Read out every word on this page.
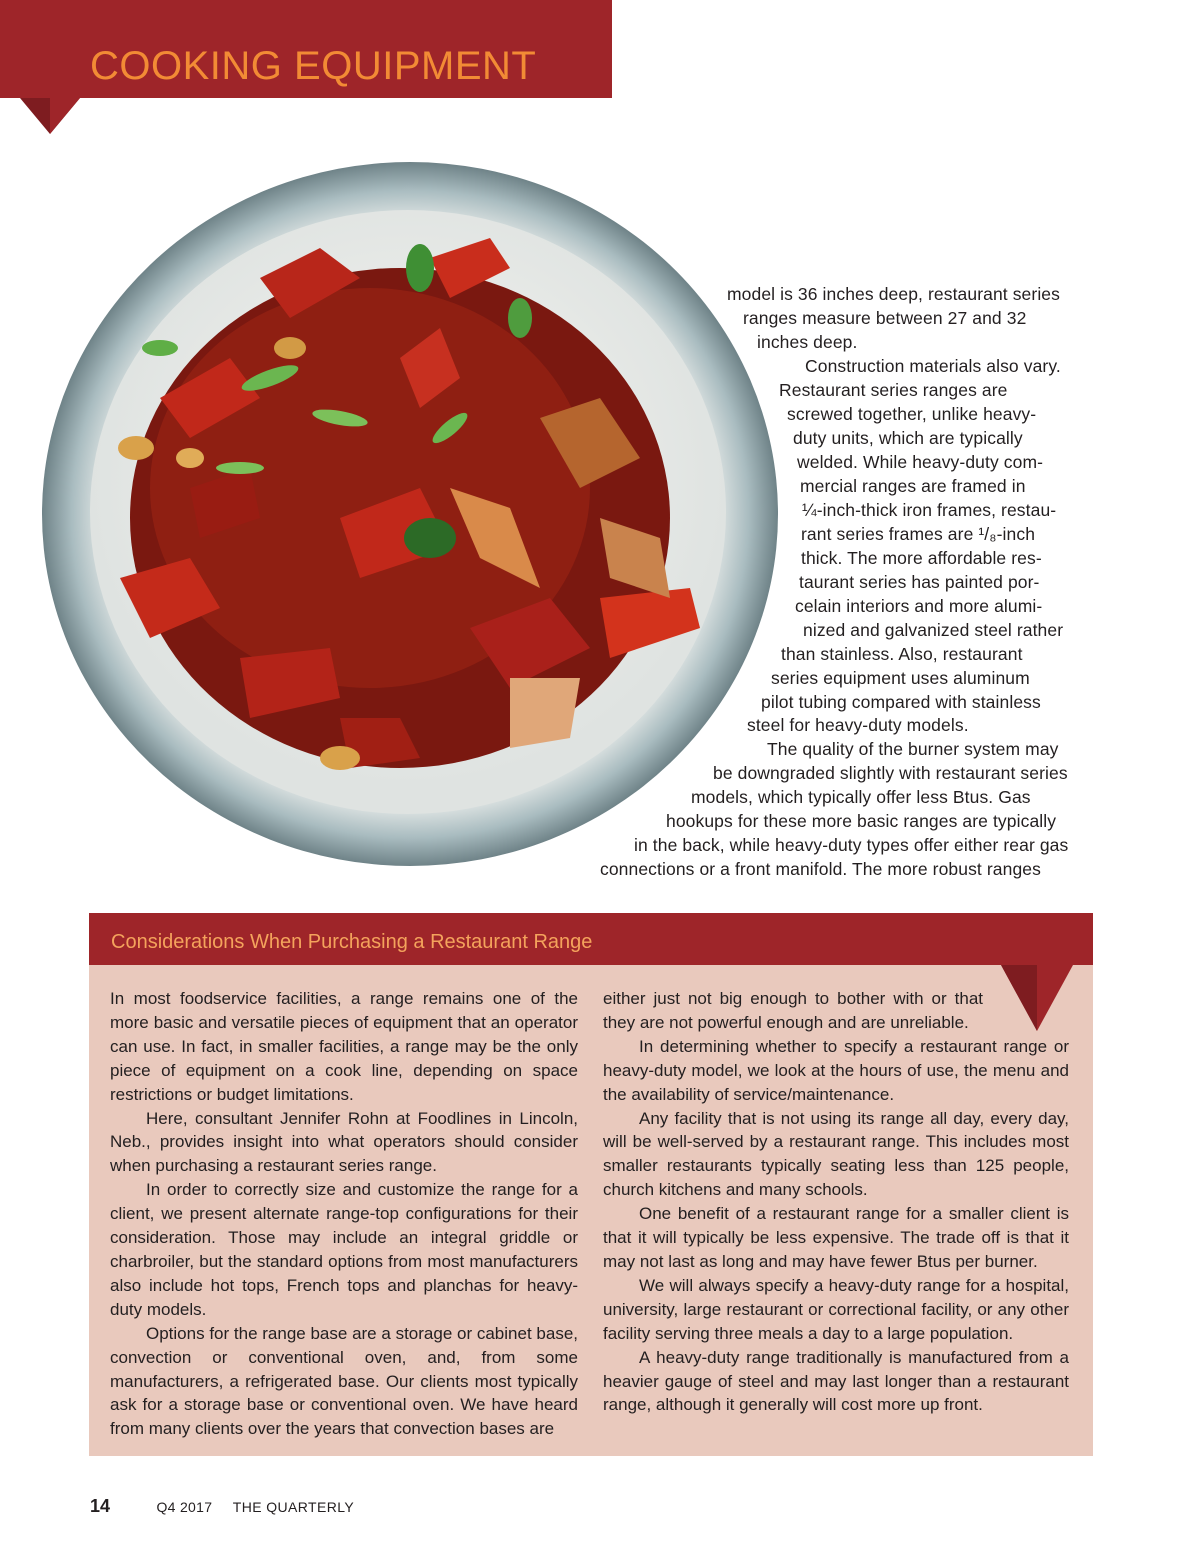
COOKING EQUIPMENT
model is 36 inches deep, restaurant series
ranges measure between 27 and 32
inches deep.
Construction materials also vary.
Restaurant series ranges are
screwed together, unlike heavy-
duty units, which are typically
welded. While heavy-duty com-
mercial ranges are framed in
¼-inch-thick iron frames, restau-
rant series frames are ¹/₈-inch
thick. The more affordable res-
taurant series has painted por-
celain interiors and more alumi-
nized and galvanized steel rather
than stainless. Also, restaurant
series equipment uses aluminum
pilot tubing compared with stainless
steel for heavy-duty models.
The quality of the burner system may
be downgraded slightly with restaurant series
models, which typically offer less Btus. Gas
hookups for these more basic ranges are typically
in the back, while heavy-duty types offer either rear gas
connections or a front manifold. The more robust ranges
Considerations When Purchasing a Restaurant Range

In most foodservice facilities, a range remains one of the more basic and versatile pieces of equipment that an operator can use. In fact, in smaller facilities, a range may be the only piece of equipment on a cook line, depending on space restrictions or budget limitations.

Here, consultant Jennifer Rohn at Foodlines in Lincoln, Neb., provides insight into what operators should consider when purchasing a restaurant series range.

In order to correctly size and customize the range for a client, we present alternate range-top configurations for their consideration. Those may include an integral griddle or charbroiler, but the standard options from most manufacturers also include hot tops, French tops and planchas for heavy-duty models.

Options for the range base are a storage or cabinet base, convection or conventional oven, and, from some manufacturers, a refrigerated base. Our clients most typically ask for a storage base or conventional oven. We have heard from many clients over the years that convection bases are

either just not big enough to bother with or that they are not powerful enough and are unreliable.

In determining whether to specify a restaurant range or heavy-duty model, we look at the hours of use, the menu and the availability of service/maintenance.

Any facility that is not using its range all day, every day, will be well-served by a restaurant range. This includes most smaller restaurants typically seating less than 125 people, church kitchens and many schools.

One benefit of a restaurant range for a smaller client is that it will typically be less expensive. The trade off is that it may not last as long and may have fewer Btus per burner.

We will always specify a heavy-duty range for a hospital, university, large restaurant or correctional facility, or any other facility serving three meals a day to a large population.

A heavy-duty range traditionally is manufactured from a heavier gauge of steel and may last longer than a restaurant range, although it generally will cost more up front.

14	Q4 2017 THE QUARTERLY
